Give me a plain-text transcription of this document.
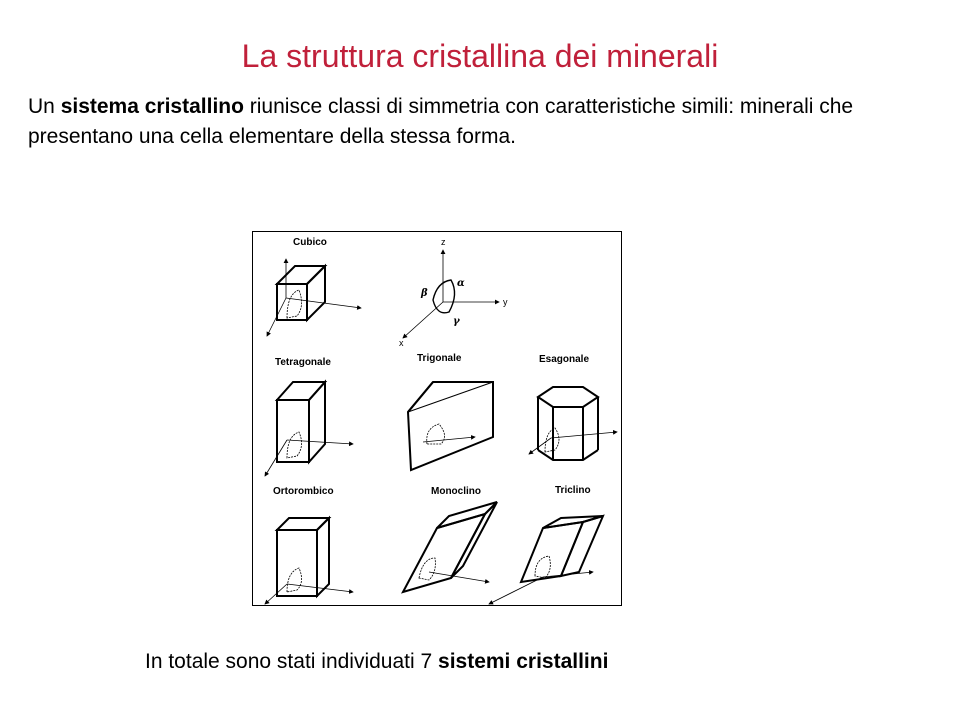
La struttura cristallina dei minerali
Un sistema cristallino riunisce classi di simmetria con caratteristiche simili: minerali che presentano una cella elementare della stessa forma.
Cubico	z
y
x
α
β
γ
Tetragonale	Trigonale	Esagonale
Ortorombico	Monoclino	Triclino
In totale sono stati individuati 7 sistemi cristallini
